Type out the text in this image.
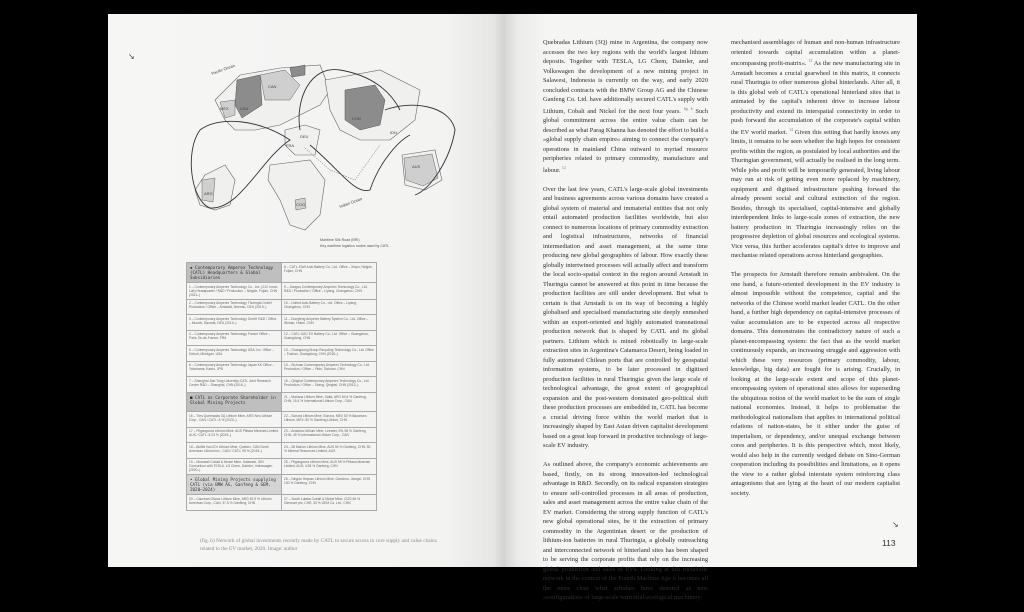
↘
↘
Pacific Ocean
Indian Ocean
CAN
USA
MEX
ARG
DEU
FRA
CHN
IDN
AUS
COG
Maritime Silk Road (BRI)
Key maritime logistics routes used by CATL
◆ Contemporary Amperex Technology (CATL) Headquarters & Global Subsidiaries	8 – CATL-FAW Auto Battery Co., Ltd. Office – Xiapu, Ningde, Fujian, CHN
1 – Contemporary Amperex Technology Co., Ltd. (21C Innov. Lab) Headquarter / R&D / Production – Ningde, Fujian, CHN (2011–)	9 – Jiangsu Contemporary Amperex Technology Co., Ltd. R&D / Production / Office – Liyang, Changzhou, CHN
2 – Contemporary Amperex Technology Thuringia GmbH Production / Office – Arnstadt, Ilmenau, DEU (2019–)	10 – United Auto Battery Co., Ltd. Office – Liyang, Changzhou, CHN
3 – Contemporary Amperex Technology GmbH R&D / Office – Munich, Bavaria, DEU (2014–)	11 – Dongfeng Amperex Battery System Co., Ltd. Office – Wuhan, Hubei, CHN
4 – Contemporary Amperex Technology France Office – Paris, Île-de-France, FRA	12 – CATL-GAC EV Battery Co., Ltd. Office – Guangzhou, Guangdong, CHN
5 – Contemporary Amperex Technology USA, Inc. Office – Detroit, Michigan, USA	13 – Guangdong Brunp Recycling Technology Co., Ltd. Office – Foshan, Guangdong, CHN (2015–)
6 – Contemporary Amperex Technology Japan KK Office – Yokohama, Kanto, JPN	14 – Sichuan Contemporary Amperex Technology Co., Ltd. Production / Office – Yibin, Sichuan, CHN
7 – Shanghai Jiao Tong University-CATL Joint Research Center R&D – Shanghai, CHN (2016–)	15 – Qinghai Contemporary Amperex Technology Co., Ltd. Production / Office – Xining, Qinghai, CHN (2012–)
■ CATL as Corporate Shareholder in Global Mining Projects	21 – Mariana Lithium Mine, Salta, ARG 84.6 % Ganfeng, CHN; 15.4 % International Lithium Corp., CAN
16 – Tres Quebradas 3Q Lithium Mine, ARG Neo Lithium Corp., CAN / CATL: 8 % (2020–)	22 – Sonora Lithium Mine, Sonora, MEX 50 % Bacanora Lithium, MEX; 50 % Ganfeng Lithium, CHN
17 – Pilgangoora Lithium Mine, AUS Pilbara Minerals Limited, AUS / CATL: 8.23 % (2019–)	23 – Avalonia Lithium Mine, Leinster, IRL 55 % Ganfeng, CHN; 45 % International Lithium Corp., CAN
18 – Abitibi Val-d'Or Lithium Mine, Quebec, CAN North American Lithium Inc., CAN / CATL: 95 % (2019–)	24 – Mt Marion Lithium Mine, AUS 50 % Ganfeng, CHN; 50 % Mineral Resources Limited, AUS
19 – Morowali Cobalt & Nickel Mine, Salawesi, IDN Consortium with TESLA, LG Chem, Daimler, Volkswagen (2020–)	25 – Pilgangoora Lithium Mine, AUS 95 % Pilbara Minerals Limited, AUS; 4.55 % Ganfeng, CHN
• Global Mining Projects supplying CATL (via BMW AG, Ganfeng & GEM, 2020–2024)	26 – Ningdu Heyuan Lithium Mine, Ganzhou, Jiangxi, CHN 100 % Ganfeng, CHN
20 – Cauchari-Olaroz Lithium Mine, ARG 62.5 % Lithium Americas Corp., CAN; 37.5 % Ganfeng, CHN	27 – South Lulaba Cobalt & Nickel Mine, COG 66 % Glencore plc, CHE; 33 % GEM Co. Ltd., CHN
(fig. b) Network of global investments recently made by CATL to secure access to core supply and value chains related to the EV market, 2020. Image: author

Quebradas Lithium (3Q) mine in Argentina, the company now accesses the two key regions with the world's largest lithium deposits. Together with TESLA, LG Chem, Daimler, and Volkswagen the development of a new mining project in Salawesi, Indonesia is currently on the way, and early 2020 concluded contracts with the BMW Group AG and the Chinese Ganfeng Co. Ltd. have additionally secured CATL's supply with Lithium, Cobalt and Nickel for the next four years. $^{fig. b}$ Such global commitment across the entire value chain can be described as what Parag Khanna has denoted the effort to build a »global supply chain empire« aiming to connect the company's operations in mainland China outward to myriad resource peripheries related to primary commodity, manufacture and labour. $^{12}$

Over the last few years, CATL's large-scale global investments and business agreements across various domains have created a global system of material and immaterial entities that not only entail automated production facilities worldwide, but also connect to numerous locations of primary commodity extraction and logistical infrastructures, networks of financial intermediation and asset management, at the same time producing new global geographies of labour. How exactly these globally intertwined processes will actually affect and transform the local socio-spatial context in the region around Arnstadt in Thuringia cannot be answered at this point in time because the production facilities are still under development. But what is certain is that Arnstadt is on its way of becoming a highly globalised and specialised manufacturing site deeply enmeshed within an export-oriented and highly automated transnational production network that is shaped by CATL and its global partners. Lithium which is mined robotically in large-scale extraction sites in Argentina's Catamarca Desert, being loaded in fully automated Chilean ports that are controlled by geospatial information systems, to be later processed in digitised production facilities in rural Thuringia: given the large scale of technological advantage, the great extent of geographical expansion and the post-western dominated geo-political shift these production processes are embedded in, CATL has become a crucial driving force within the world market that is increasingly shaped by East Asian driven capitalist development based on a great leap forward in productive technology of large-scale EV industry.

As outlined above, the company's economic achievements are based, firstly, on its strong innovation-led technological advantage in R&D. Secondly, on its radical expansion strategies to ensure self-controlled processes in all areas of production, sales and asset management across the entire value chain of the EV market. Considering the strong supply function of CATL's new global operational sites, be it the extraction of primary commodity in the Argentinian desert or the production of lithium-ion batteries in rural Thuringia, a globally outreaching and interconnected network of hinterland sites has been shaped to be serving the corporate profits that rely on the increasing global production and sales of EVs. Looking at this metabolic network in the context of the Fourth Machine Age it becomes all the more clear what scholars have denoted as new »configurations of large-scale territorial-ecological machinery:

mechanised assemblages of human and non-human infrastructure oriented towards capital accumulation within a planet-encompassing profit-matrix«. $^{13}$ As the new manufacturing site in Arnstadt becomes a crucial gearwheel in this matrix, it connects rural Thuringia to other numerous global hinterlands. After all, it is this global web of CATL's operational hinterland sites that is animated by the capital's inherent drive to increase labour productivity and extend its interspatial connectivity in order to push forward the accumulation of the corporate's capital within the EV world market. $^{14}$ Given this setting that hardly knows any limits, it remains to be seen whether the high hopes for consistent profits within the region, as postulated by local authorities and the Thuringian government, will actually be realised in the long term. While jobs and profit will be temporarily generated, living labour may run at risk of getting even more replaced by machinery, equipment and digitised infrastructure pushing forward the already present social and cultural extinction of the region. Besides, through its specialised, capital-intensive and globally interdependent links to large-scale zones of extraction, the new battery production in Thuringia increasingly relies on the progressive depletion of global resources and ecological systems. Vice versa, this further accelerates capital's drive to improve and mechanise related operations across hinterland geographies.

The prospects for Arnstadt therefore remain ambivalent. On the one hand, a future-oriented development in the EV industry is almost impossible without the competence, capital and the networks of the Chinese world market leader CATL. On the other hand, a further high dependency on capital-intensive processes of value accumulation are to be expected across all respective domains. This demonstrates the contradictory nature of such a planet-encompassing system: the fact that as the world market continuously expands, an increasing struggle and aggression with which these very resources (primary commodity, labour, knowledge, big data) are fought for is arising. Crucially, in looking at the large-scale extent and scope of this planet-encompassing system of operational sites allows for superseding the ubiquitous notion of the world market to be the sum of single national economies. Instead, it helps to problematise the methodological nationalism that applies to international political relations of nation-states, be it either under the guise of imperialism, or dependency, and/or unequal exchange between cores and peripheries. It is this perspective which, most likely, would also help in the currently wedged debate on Sino-German cooperation including its possibilities and limitations, as it opens the view to a rather global interstate system reinforcing class antagonisms that are lying at the heart of our modern capitalist society.

113
